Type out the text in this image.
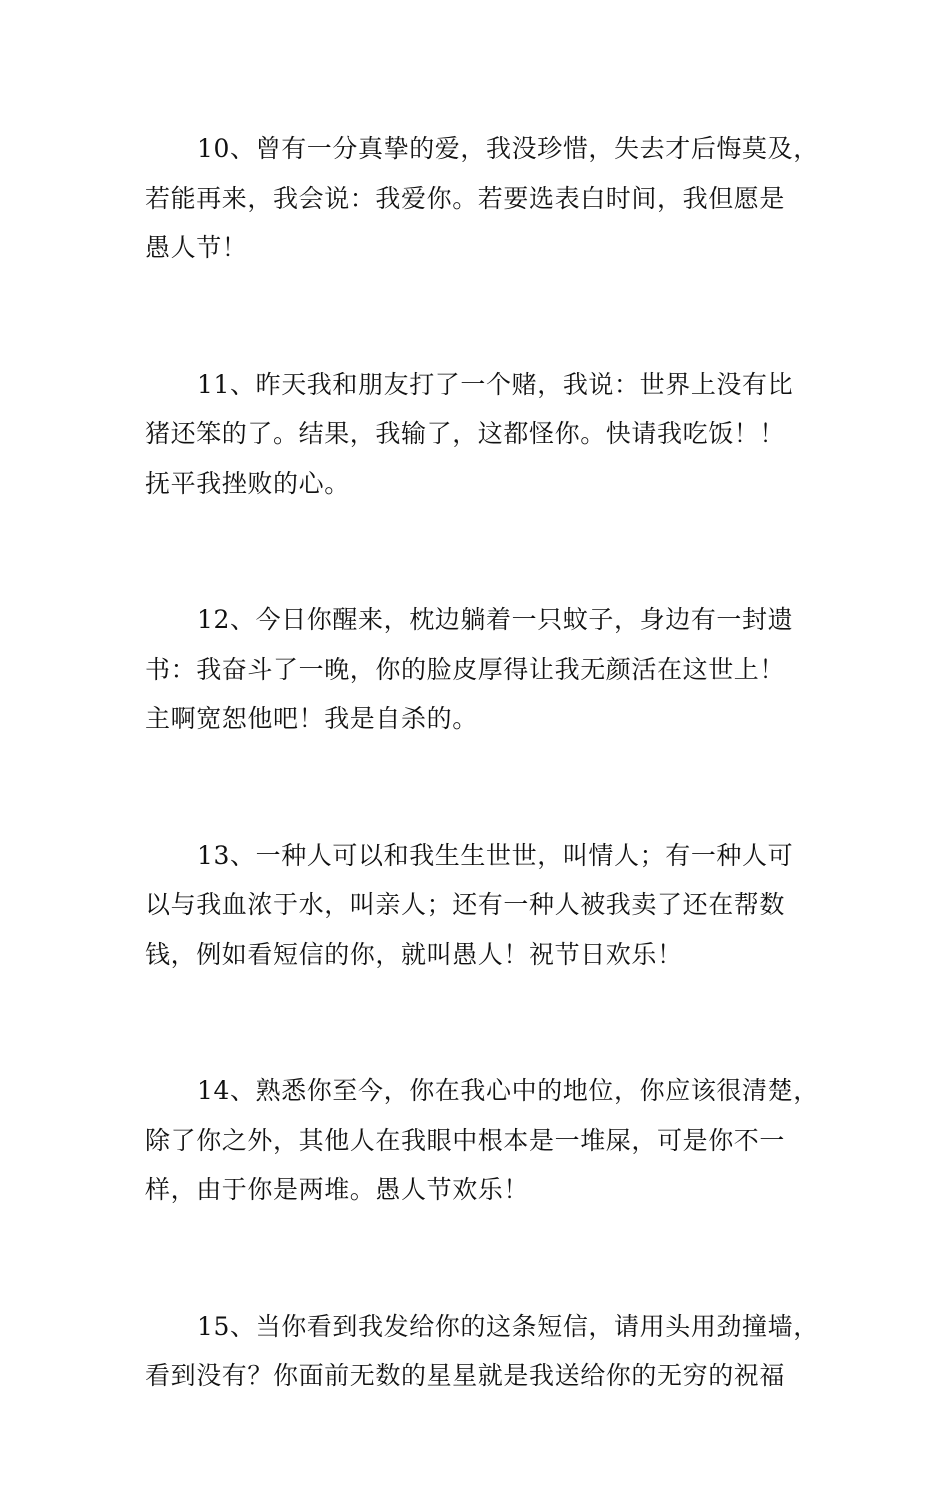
10、曾有一分真挚的爱，我没珍惜，失去才后悔莫及，
若能再来，我会说：我爱你。若要选表白时间，我但愿是
愚人节！
11、昨天我和朋友打了一个赌，我说：世界上没有比
猪还笨的了。结果，我输了，这都怪你。快请我吃饭！！
抚平我挫败的心。
12、今日你醒来，枕边躺着一只蚊子，身边有一封遗
书：我奋斗了一晚，你的脸皮厚得让我无颜活在这世上！
主啊宽恕他吧！我是自杀的。
13、一种人可以和我生生世世，叫情人；有一种人可
以与我血浓于水，叫亲人；还有一种人被我卖了还在帮数
钱，例如看短信的你，就叫愚人！祝节日欢乐！
14、熟悉你至今，你在我心中的地位，你应该很清楚，
除了你之外，其他人在我眼中根本是一堆屎，可是你不一
样，由于你是两堆。愚人节欢乐！
15、当你看到我发给你的这条短信，请用头用劲撞墙，
看到没有？你面前无数的星星就是我送给你的无穷的祝福
